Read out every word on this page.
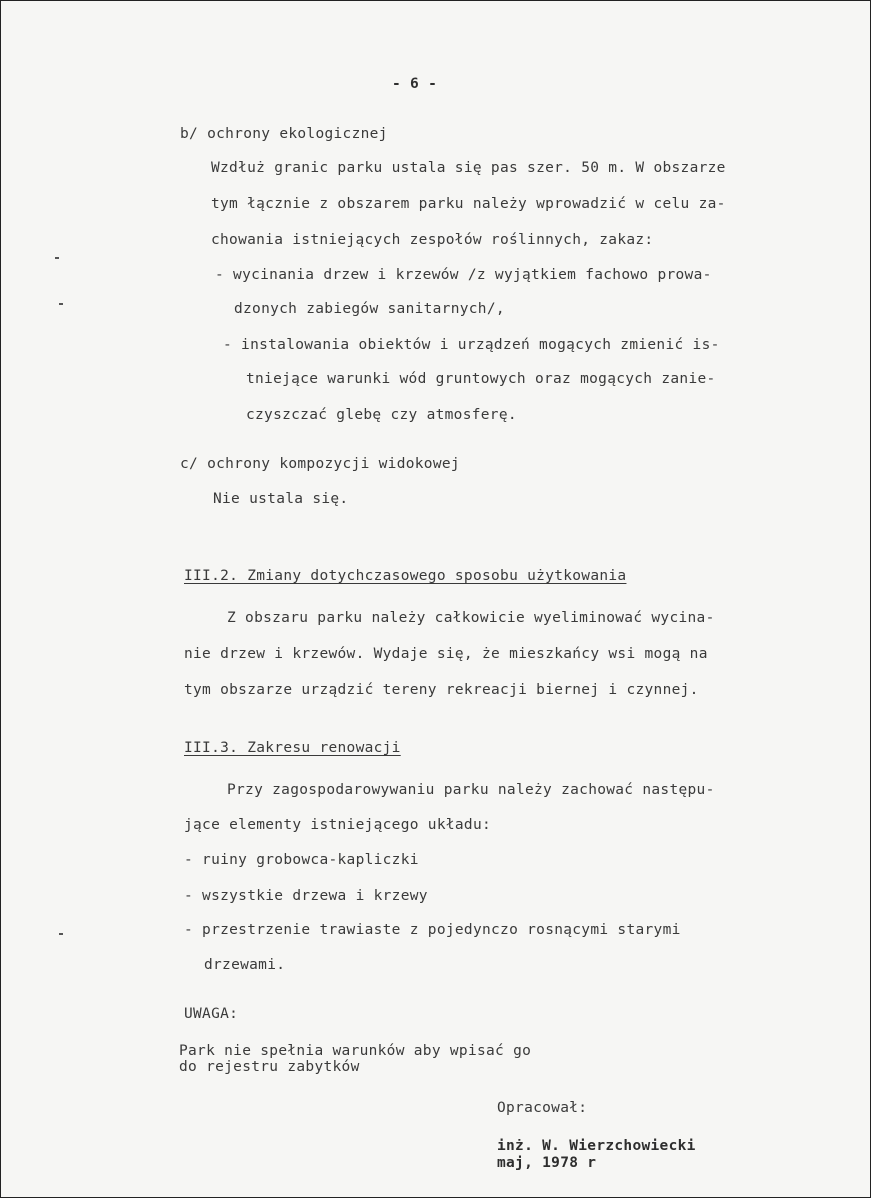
- 6 -
b/ ochrony ekologicznej
Wzdłuż granic parku ustala się pas szer. 50 m. W obszarze
tym łącznie z obszarem parku należy wprowadzić w celu za-
chowania istniejących zespołów roślinnych, zakaz:
- wycinania drzew i krzewów /z wyjątkiem fachowo prowa-
dzonych zabiegów sanitarnych/,
- instalowania obiektów i urządzeń mogących zmienić is-
tniejące warunki wód gruntowych oraz mogących zanie-
czyszczać glebę czy atmosferę.
c/ ochrony kompozycji widokowej
Nie ustala się.
III.2. Zmiany dotychczasowego sposobu użytkowania
Z obszaru parku należy całkowicie wyeliminować wycina-
nie drzew i krzewów. Wydaje się, że mieszkańcy wsi mogą na
tym obszarze urządzić tereny rekreacji biernej i czynnej.
III.3. Zakresu renowacji
Przy zagospodarowywaniu parku należy zachować następu-
jące elementy istniejącego układu:
- ruiny grobowca-kapliczki
- wszystkie drzewa i krzewy
- przestrzenie trawiaste z pojedynczo rosnącymi starymi
drzewami.
UWAGA:
Park nie spełnia warunków aby wpisać go
do rejestru zabytków
Opracował:
inż. W. Wierzchowiecki
maj, 1978 r
